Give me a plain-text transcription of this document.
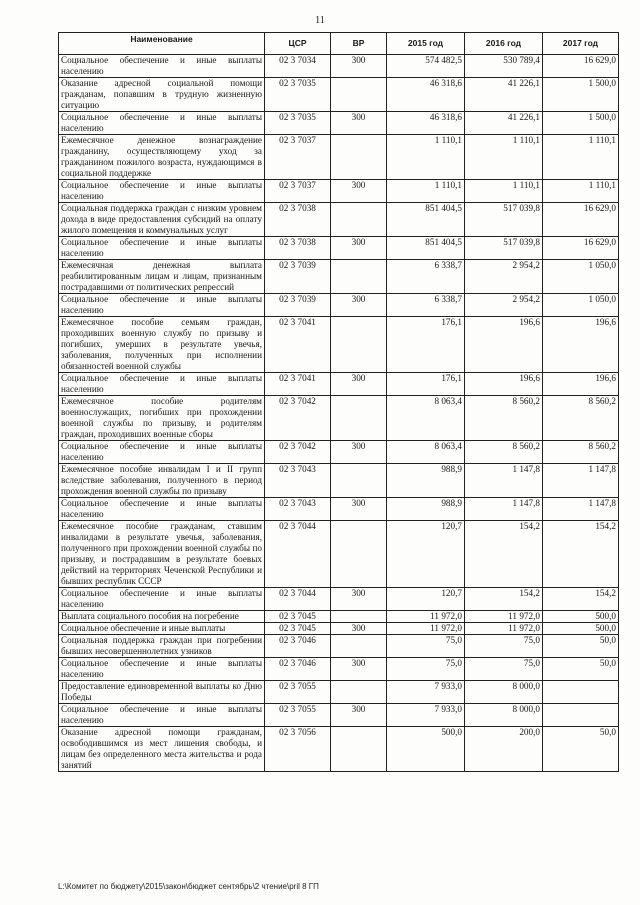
11
Наименование	ЦСР	ВР	2015 год	2016 год	2017 год
Социальное обеспечение и иные выплаты населению	02 3 7034	300	574 482,5	530 789,4	16 629,0
Оказание адресной социальной помощи гражданам, попавшим в трудную жизненную ситуацию	02 3 7035		46 318,6	41 226,1	1 500,0
Социальное обеспечение и иные выплаты населению	02 3 7035	300	46 318,6	41 226,1	1 500,0
Ежемесячное денежное вознаграждение гражданину, осуществляющему уход за гражданином пожилого возраста, нуждающимся в социальной поддержке	02 3 7037		1 110,1	1 110,1	1 110,1
Социальное обеспечение и иные выплаты населению	02 3 7037	300	1 110,1	1 110,1	1 110,1
Социальная поддержка граждан с низким уровнем дохода в виде предоставления субсидий на оплату жилого помещения и коммунальных услуг	02 3 7038		851 404,5	517 039,8	16 629,0
Социальное обеспечение и иные выплаты населению	02 3 7038	300	851 404,5	517 039,8	16 629,0
Ежемесячная денежная выплата реабилитированным лицам и лицам, признанным пострадавшими от политических репрессий	02 3 7039		6 338,7	2 954,2	1 050,0
Социальное обеспечение и иные выплаты населению	02 3 7039	300	6 338,7	2 954,2	1 050,0
Ежемесячное пособие семьям граждан, проходивших военную службу по призыву и погибших, умерших в результате увечья, заболевания, полученных при исполнении обязанностей военной службы	02 3 7041		176,1	196,6	196,6
Социальное обеспечение и иные выплаты населению	02 3 7041	300	176,1	196,6	196,6
Ежемесячное пособие родителям военнослужащих, погибших при прохождении военной службы по призыву, и родителям граждан, проходивших военные сборы	02 3 7042		8 063,4	8 560,2	8 560,2
Социальное обеспечение и иные выплаты населению	02 3 7042	300	8 063,4	8 560,2	8 560,2
Ежемесячное пособие инвалидам I и II групп вследствие заболевания, полученного в период прохождения военной службы по призыву	02 3 7043		988,9	1 147,8	1 147,8
Социальное обеспечение и иные выплаты населению	02 3 7043	300	988,9	1 147,8	1 147,8
Ежемесячное пособие гражданам, ставшим инвалидами в результате увечья, заболевания, полученного при прохождении военной службы по призыву, и пострадавшим в результате боевых действий на территориях Чеченской Республики и бывших республик СССР	02 3 7044		120,7	154,2	154,2
Социальное обеспечение и иные выплаты населению	02 3 7044	300	120,7	154,2	154,2
Выплата социального пособия на погребение	02 3 7045		11 972,0	11 972,0	500,0
Социальное обеспечение и иные выплаты	02 3 7045	300	11 972,0	11 972,0	500,0
Социальная поддержка граждан при погребении бывших несовершеннолетних узников	02 3 7046		75,0	75,0	50,0
Социальное обеспечение и иные выплаты населению	02 3 7046	300	75,0	75,0	50,0
Предоставление единовременной выплаты ко Дню Победы	02 3 7055		7 933,0	8 000,0	
Социальное обеспечение и иные выплаты населению	02 3 7055	300	7 933,0	8 000,0	
Оказание адресной помощи гражданам, освободившимся из мест лишения свободы, и лицам без определенного места жительства и рода занятий	02 3 7056		500,0	200,0	50,0
L:\Комитет по бюджету\2015\закон\бюджет сентябрь\2 чтение\pril 8 ГП
